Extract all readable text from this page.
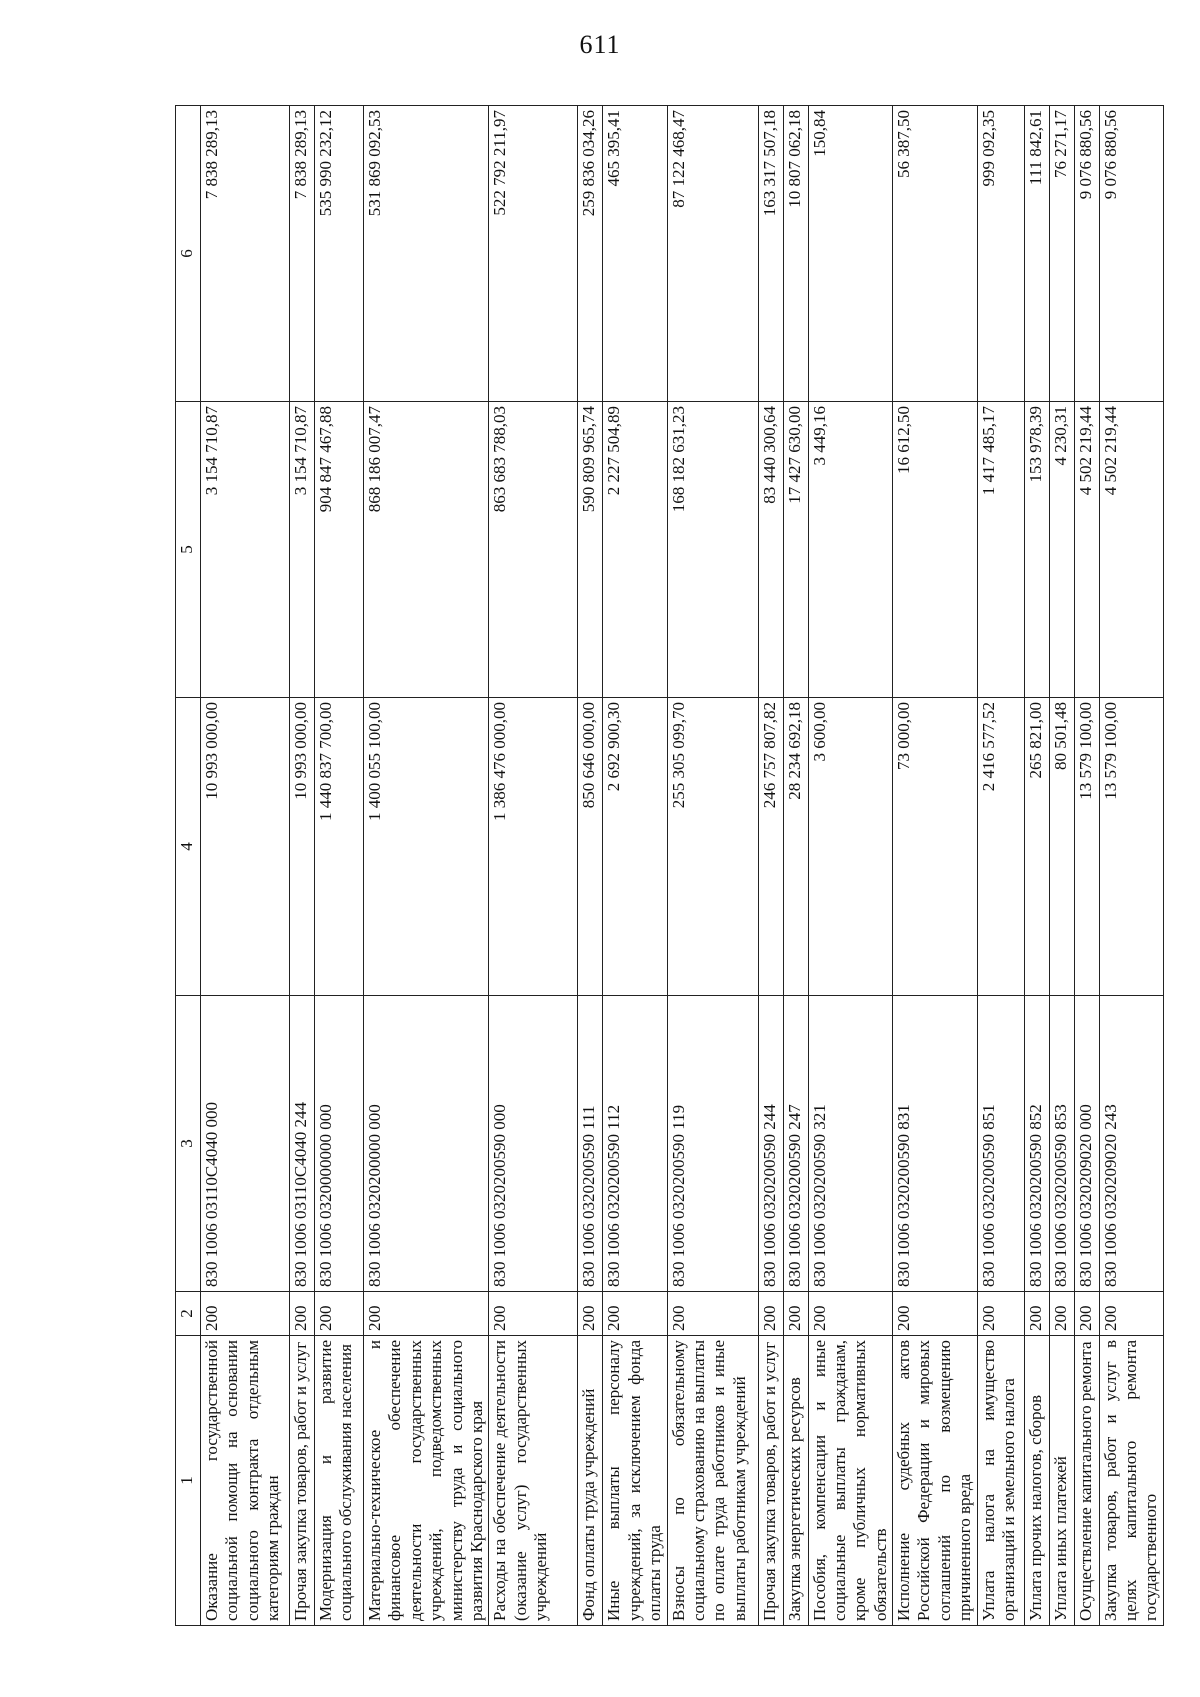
611
1	2	3	4	5	6
Оказание государственной социальной помощи на основании социального контракта отдельным категориям граждан	200	830 1006 03110С4040 000	10 993 000,00	3 154 710,87	7 838 289,13
Прочая закупка товаров, работ и услуг	200	830 1006 03110С4040 244	10 993 000,00	3 154 710,87	7 838 289,13
Модернизация и развитие социального обслуживания населения	200	830 1006 0320000000 000	1 440 837 700,00	904 847 467,88	535 990 232,12
Материально-техническое и финансовое обеспечение деятельности государственных учреждений, подведомственных министерству труда и социального развития Краснодарского края	200	830 1006 0320200000 000	1 400 055 100,00	868 186 007,47	531 869 092,53
Расходы на обеспечение деятельности (оказание услуг) государственных учреждений	200	830 1006 0320200590 000	1 386 476 000,00	863 683 788,03	522 792 211,97
Фонд оплаты труда учреждений	200	830 1006 0320200590 111	850 646 000,00	590 809 965,74	259 836 034,26
Иные выплаты персоналу учреждений, за исключением фонда оплаты труда	200	830 1006 0320200590 112	2 692 900,30	2 227 504,89	465 395,41
Взносы по обязательному социальному страхованию на выплаты по оплате труда работников и иные выплаты работникам учреждений	200	830 1006 0320200590 119	255 305 099,70	168 182 631,23	87 122 468,47
Прочая закупка товаров, работ и услуг	200	830 1006 0320200590 244	246 757 807,82	83 440 300,64	163 317 507,18
Закупка энергетических ресурсов	200	830 1006 0320200590 247	28 234 692,18	17 427 630,00	10 807 062,18
Пособия, компенсации и иные социальные выплаты гражданам, кроме публичных нормативных обязательств	200	830 1006 0320200590 321	3 600,00	3 449,16	150,84
Исполнение судебных актов Российской Федерации и мировых соглашений по возмещению причиненного вреда	200	830 1006 0320200590 831	73 000,00	16 612,50	56 387,50
Уплата налога на имущество организаций и земельного налога	200	830 1006 0320200590 851	2 416 577,52	1 417 485,17	999 092,35
Уплата прочих налогов, сборов	200	830 1006 0320200590 852	265 821,00	153 978,39	111 842,61
Уплата иных платежей	200	830 1006 0320200590 853	80 501,48	4 230,31	76 271,17
Осуществление капитального ремонта	200	830 1006 0320209020 000	13 579 100,00	4 502 219,44	9 076 880,56
Закупка товаров, работ и услуг в целях капитального ремонта государственного	200	830 1006 0320209020 243	13 579 100,00	4 502 219,44	9 076 880,56
